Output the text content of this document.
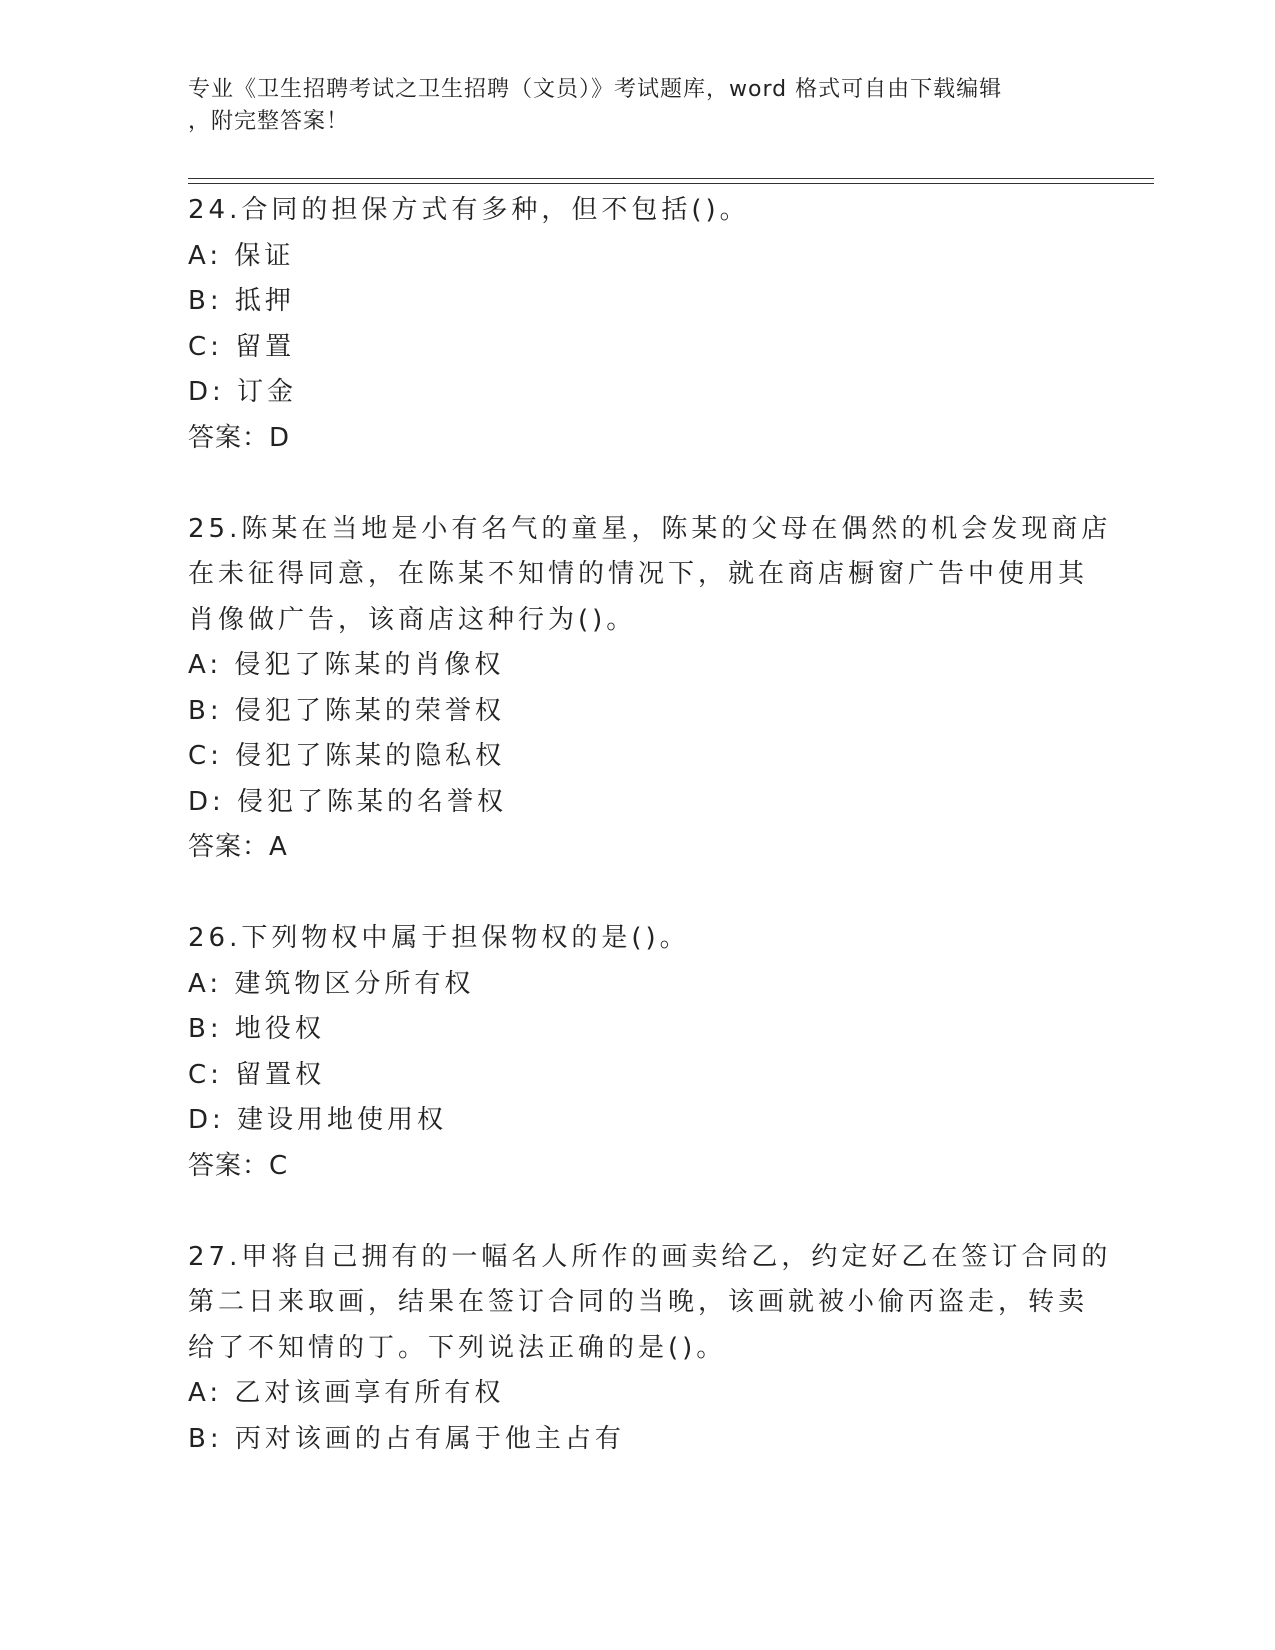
专业《卫生招聘考试之卫生招聘（文员）》考试题库，word 格式可自由下载编辑
，附完整答案！
24.合同的担保方式有多种，但不包括()。
A: 保证
B: 抵押
C: 留置
D: 订金
答案：D
25.陈某在当地是小有名气的童星，陈某的父母在偶然的机会发现商店
在未征得同意，在陈某不知情的情况下，就在商店橱窗广告中使用其
肖像做广告，该商店这种行为()。
A: 侵犯了陈某的肖像权
B: 侵犯了陈某的荣誉权
C: 侵犯了陈某的隐私权
D: 侵犯了陈某的名誉权
答案：A
26.下列物权中属于担保物权的是()。
A: 建筑物区分所有权
B: 地役权
C: 留置权
D: 建设用地使用权
答案：C
27.甲将自己拥有的一幅名人所作的画卖给乙，约定好乙在签订合同的
第二日来取画，结果在签订合同的当晚，该画就被小偷丙盗走，转卖
给了不知情的丁。下列说法正确的是()。
A: 乙对该画享有所有权
B: 丙对该画的占有属于他主占有
